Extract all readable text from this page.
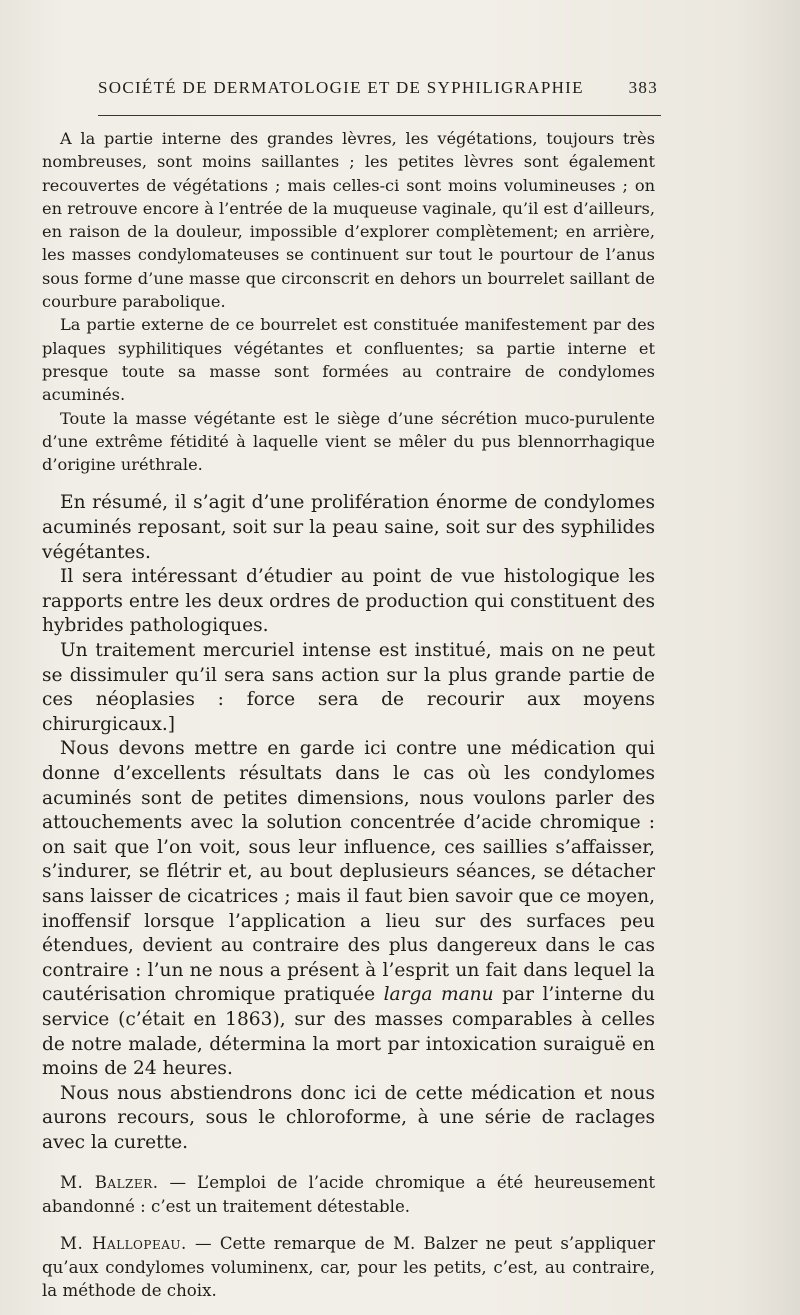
SOCIÉTÉ DE DERMATOLOGIE ET DE SYPHILIGRAPHIE	383

A la partie interne des grandes lèvres, les végétations, toujours très nombreuses, sont moins saillantes ; les petites lèvres sont également recouvertes de végétations ; mais celles-ci sont moins volumineuses ; on en retrouve encore à l’entrée de la muqueuse vaginale, qu’il est d’ailleurs, en raison de la douleur, impossible d’explorer complètement; en arrière, les masses condylomateuses se continuent sur tout le pourtour de l’anus sous forme d’une masse que circonscrit en dehors un bourrelet saillant de courbure parabolique.

La partie externe de ce bourrelet est constituée manifestement par des plaques syphilitiques végétantes et confluentes; sa partie interne et presque toute sa masse sont formées au contraire de condylomes acuminés.

Toute la masse végétante est le siège d’une sécrétion muco-purulente d’une extrême fétidité à laquelle vient se mêler du pus blennorrhagique d’origine uréthrale.

En résumé, il s’agit d’une prolifération énorme de condylomes acuminés reposant, soit sur la peau saine, soit sur des syphilides végétantes.

Il sera intéressant d’étudier au point de vue histologique les rapports entre les deux ordres de production qui constituent des hybrides pathologiques.

Un traitement mercuriel intense est institué, mais on ne peut se dissimuler qu’il sera sans action sur la plus grande partie de ces néoplasies : force sera de recourir aux moyens chirurgicaux.]

Nous devons mettre en garde ici contre une médication qui donne d’excellents résultats dans le cas où les condylomes acuminés sont de petites dimensions, nous voulons parler des attouchements avec la solution concentrée d’acide chromique : on sait que l’on voit, sous leur influence, ces saillies s’affaisser, s’indurer, se flétrir et, au bout deplusieurs séances, se détacher sans laisser de cicatrices ; mais il faut bien savoir que ce moyen, inoffensif lorsque l’application a lieu sur des surfaces peu étendues, devient au contraire des plus dangereux dans le cas contraire : l’un ne nous a présent à l’esprit un fait dans lequel la cautérisation chromique pratiquée larga manu par l’interne du service (c’était en 1863), sur des masses comparables à celles de notre malade, détermina la mort par intoxication suraiguë en moins de 24 heures.

Nous nous abstiendrons donc ici de cette médication et nous aurons recours, sous le chloroforme, à une série de raclages avec la curette.

M. Balzer. — L’emploi de l’acide chromique a été heureusement abandonné : c’est un traitement détestable.

M. Hallopeau. — Cette remarque de M. Balzer ne peut s’appliquer qu’aux condylomes voluminenx, car, pour les petits, c’est, au contraire, la méthode de choix.
